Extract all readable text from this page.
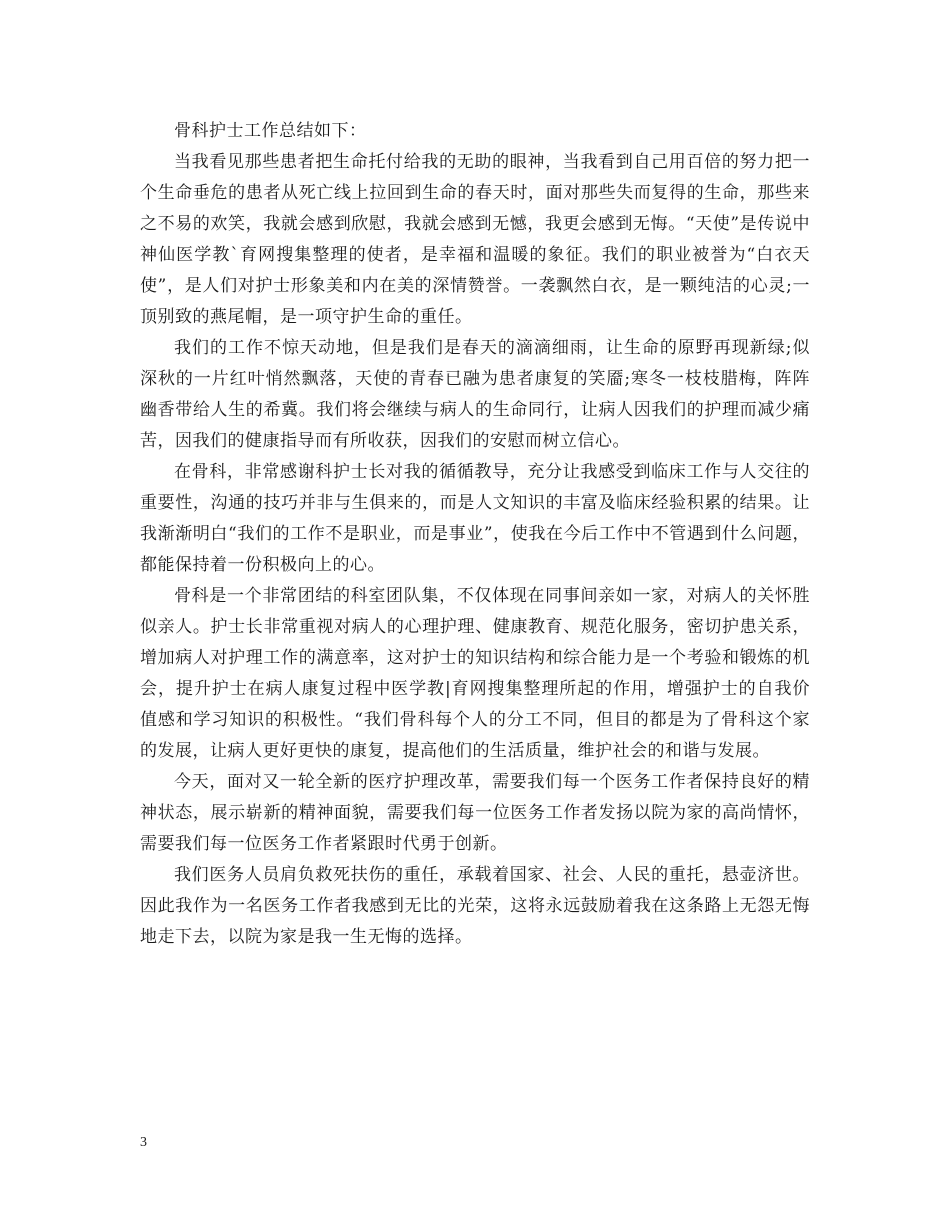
骨科护士工作总结如下：

当我看见那些患者把生命托付给我的无助的眼神，当我看到自己用百倍的努力把一个生命垂危的患者从死亡线上拉回到生命的春天时，面对那些失而复得的生命，那些来之不易的欢笑，我就会感到欣慰，我就会感到无憾，我更会感到无悔。“天使”是传说中神仙医学教`育网搜集整理的使者，是幸福和温暖的象征。我们的职业被誉为“白衣天使”，是人们对护士形象美和内在美的深情赞誉。一袭飘然白衣，是一颗纯洁的心灵;一顶别致的燕尾帽，是一项守护生命的重任。

我们的工作不惊天动地，但是我们是春天的滴滴细雨，让生命的原野再现新绿;似深秋的一片红叶悄然飘落，天使的青春已融为患者康复的笑靥;寒冬一枝枝腊梅，阵阵幽香带给人生的希冀。我们将会继续与病人的生命同行，让病人因我们的护理而减少痛苦，因我们的健康指导而有所收获，因我们的安慰而树立信心。

在骨科，非常感谢科护士长对我的循循教导，充分让我感受到临床工作与人交往的重要性，沟通的技巧并非与生俱来的，而是人文知识的丰富及临床经验积累的结果。让我渐渐明白“我们的工作不是职业，而是事业”，使我在今后工作中不管遇到什么问题，都能保持着一份积极向上的心。

骨科是一个非常团结的科室团队集，不仅体现在同事间亲如一家，对病人的关怀胜似亲人。护士长非常重视对病人的心理护理、健康教育、规范化服务，密切护患关系，增加病人对护理工作的满意率，这对护士的知识结构和综合能力是一个考验和锻炼的机会，提升护士在病人康复过程中医学教|育网搜集整理所起的作用，增强护士的自我价值感和学习知识的积极性。“我们骨科每个人的分工不同，但目的都是为了骨科这个家的发展，让病人更好更快的康复，提高他们的生活质量，维护社会的和谐与发展。

今天，面对又一轮全新的医疗护理改革，需要我们每一个医务工作者保持良好的精神状态，展示崭新的精神面貌，需要我们每一位医务工作者发扬以院为家的高尚情怀，需要我们每一位医务工作者紧跟时代勇于创新。

我们医务人员肩负救死扶伤的重任，承载着国家、社会、人民的重托，悬壶济世。因此我作为一名医务工作者我感到无比的光荣，这将永远鼓励着我在这条路上无怨无悔地走下去，以院为家是我一生无悔的选择。

3
